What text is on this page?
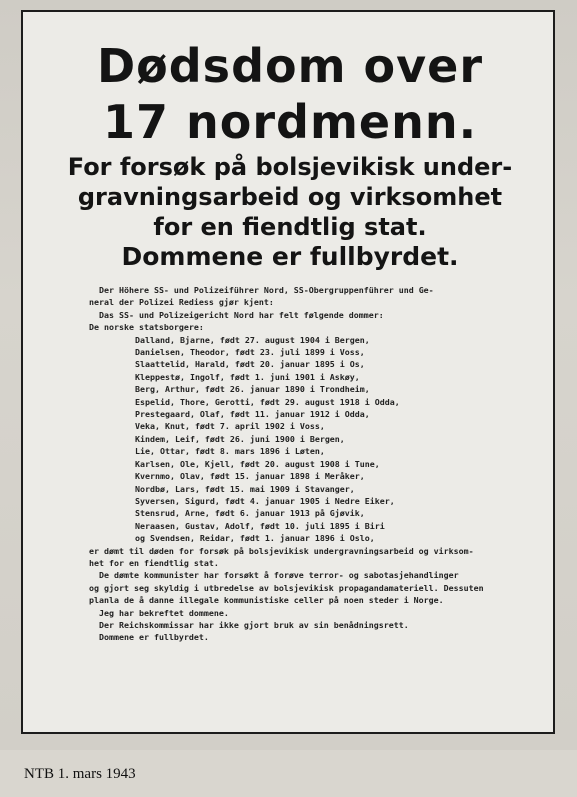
Dødsdom over
17 nordmenn.
For forsøk på bolsjevikisk under-
gravningsarbeid og virksomhet
for en fiendtlig stat.
Dommene er fullbyrdet.

Der Höhere SS- und Polizeiführer Nord, SS-Obergruppenführer und Ge-

neral der Polizei Rediess gjør kjent:

Das SS- und Polizeigericht Nord har felt følgende dommer:

De norske statsborgere:

Dalland, Bjarne, født 27. august 1904 i Bergen,

Danielsen, Theodor, født 23. juli 1899 i Voss,

Slaattelid, Harald, født 20. januar 1895 i Os,

Kleppestø, Ingolf, født 1. juni 1901 i Askøy,

Berg, Arthur, født 26. januar 1890 i Trondheim,

Espelid, Thore, Gerotti, født 29. august 1918 i Odda,

Prestegaard, Olaf, født 11. januar 1912 i Odda,

Veka, Knut, født 7. april 1902 i Voss,

Kindem, Leif, født 26. juni 1900 i Bergen,

Lie, Ottar, født 8. mars 1896 i Løten,

Karlsen, Ole, Kjell, født 20. august 1908 i Tune,

Kvernmo, Olav, født 15. januar 1898 i Meråker,

Nordbø, Lars, født 15. mai 1909 i Stavanger,

Syversen, Sigurd, født 4. januar 1905 i Nedre Eiker,

Stensrud, Arne, født 6. januar 1913 på Gjøvik,

Neraasen, Gustav, Adolf, født 10. juli 1895 i Biri

og Svendsen, Reidar, født 1. januar 1896 i Oslo,

er dømt til døden for forsøk på bolsjevikisk undergravningsarbeid og virksom-

het for en fiendtlig stat.

De dømte kommunister har forsøkt å forøve terror- og sabotasjehandlinger

og gjort seg skyldig i utbredelse av bolsjevikisk propagandamateriell. Dessuten

planla de å danne illegale kommunistiske celler på noen steder i Norge.

Jeg har bekreftet dommene.

Der Reichskommissar har ikke gjort bruk av sin benådningsrett.

Dommene er fullbyrdet.

NTB 1. mars 1943
